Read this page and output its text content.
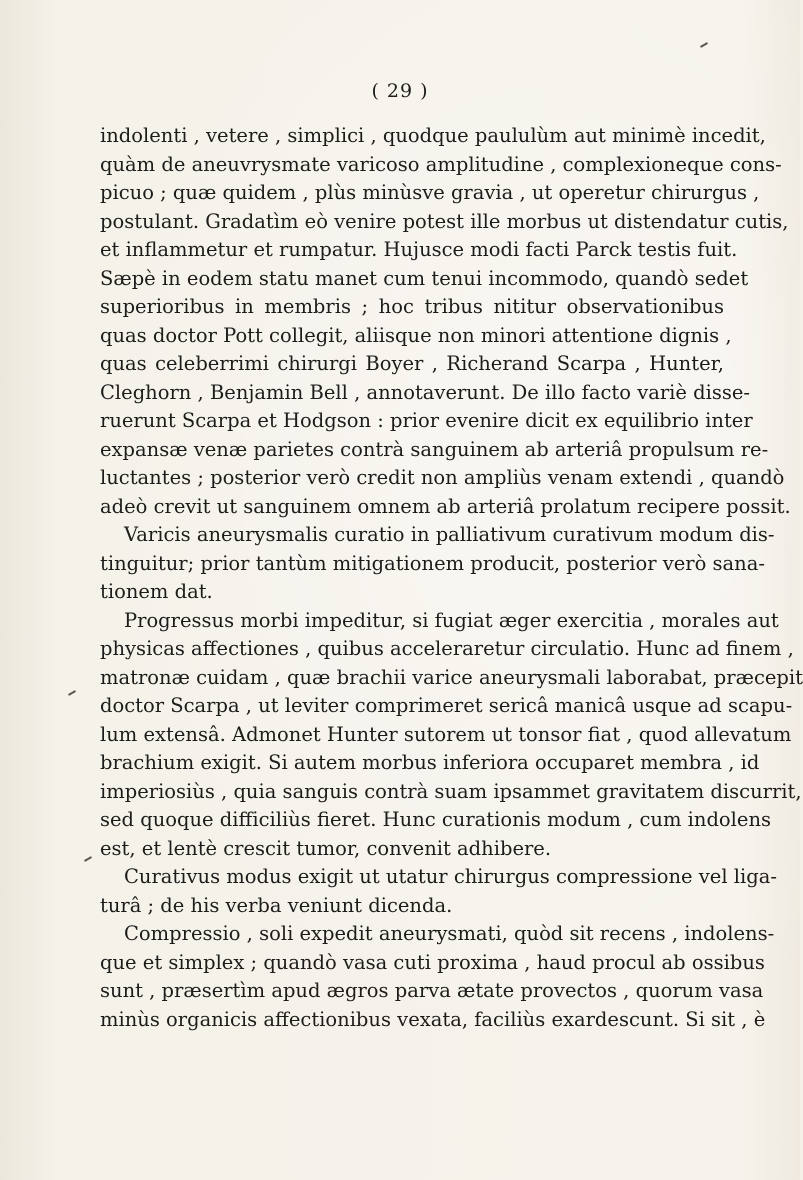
( 29 )
indolenti , vetere , simplici , quodque paululùm aut minimè incedit,
quàm de aneuvrysmate varicoso amplitudine , complexioneque cons-
picuo ; quæ quidem , plùs minùsve gravia , ut operetur chirurgus ,
postulant. Gradatìm eò venire potest ille morbus ut distendatur cutis,
et inflammetur et rumpatur. Hujusce modi facti Parck testis fuit.
Sæpè in eodem statu manet cum tenui incommodo, quandò sedet
superioribus in membris ; hoc tribus nititur observationibus
quas doctor Pott collegit, aliisque non minori attentione dignis ,
quas celeberrimi chirurgi Boyer , Richerand Scarpa , Hunter,
Cleghorn , Benjamin Bell , annotaverunt. De illo facto variè disse-
ruerunt Scarpa et Hodgson : prior evenire dicit ex equilibrio inter
expansæ venæ parietes contrà sanguinem ab arteriâ propulsum re-
luctantes ; posterior verò credit non ampliùs venam extendi , quandò
adeò crevit ut sanguinem omnem ab arteriâ prolatum recipere possit.
Varicis aneurysmalis curatio in palliativum curativum modum dis-
tinguitur; prior tantùm mitigationem producit, posterior verò sana-
tionem dat.
Progressus morbi impeditur, si fugiat æger exercitia , morales aut
physicas affectiones , quibus acceleraretur circulatio. Hunc ad finem ,
matronæ cuidam , quæ brachii varice aneurysmali laborabat, præcepit
doctor Scarpa , ut leviter comprimeret sericâ manicâ usque ad scapu-
lum extensâ. Admonet Hunter sutorem ut tonsor fiat , quod allevatum
brachium exigit. Si autem morbus inferiora occuparet membra , id
imperiosiùs , quia sanguis contrà suam ipsammet gravitatem discurrit,
sed quoque difficiliùs fieret. Hunc curationis modum , cum indolens
est, et lentè crescit tumor, convenit adhibere.
Curativus modus exigit ut utatur chirurgus compressione vel liga-
turâ ; de his verba veniunt dicenda.
Compressio , soli expedit aneurysmati, quòd sit recens , indolens-
que et simplex ; quandò vasa cuti proxima , haud procul ab ossibus
sunt , præsertìm apud ægros parva ætate provectos , quorum vasa
minùs organicis affectionibus vexata, faciliùs exardescunt. Si sit , è
